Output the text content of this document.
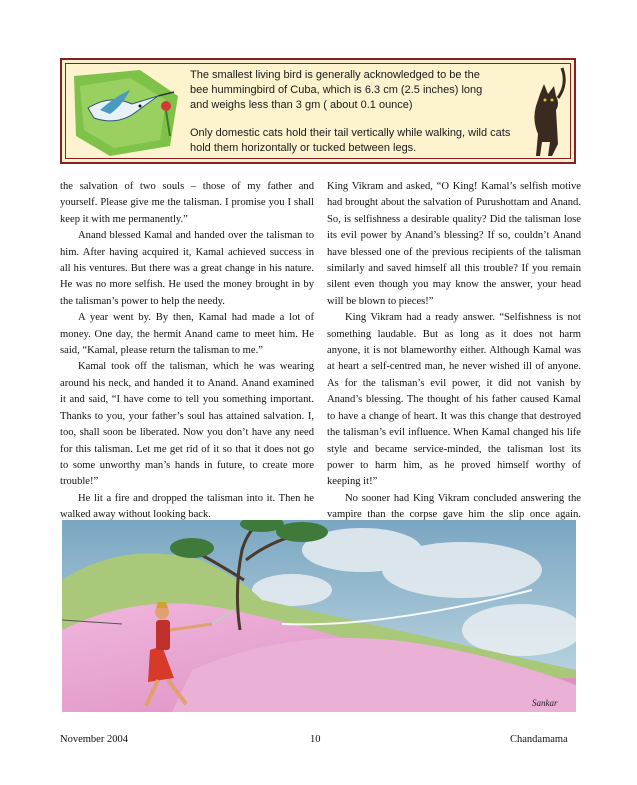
The smallest living bird is generally acknowledged to be the bee hummingbird of Cuba, which is 6.3 cm (2.5 inches) long and weighs less than 3 gm ( about 0.1 ounce)
Only domestic cats hold their tail vertically while walking, wild cats hold them horizontally or tucked between legs.

the salvation of two souls – those of my father and yourself. Please give me the talisman. I promise you I shall keep it with me permanently.”

Anand blessed Kamal and handed over the talisman to him. After having acquired it, Kamal achieved success in all his ventures. But there was a great change in his nature. He was no more selfish. He used the money brought in by the talisman’s power to help the needy.

A year went by. By then, Kamal had made a lot of money. One day, the hermit Anand came to meet him. He said, “Kamal, please return the talisman to me.”

Kamal took off the talisman, which he was wearing around his neck, and handed it to Anand. Anand examined it and said, “I have come to tell you something important. Thanks to you, your father’s soul has attained salvation. I, too, shall soon be liberated. Now you don’t have any need for this talisman. Let me get rid of it so that it does not go to some unworthy man’s hands in future, to create more trouble!”

He lit a fire and dropped the talisman into it. Then he walked away without looking back.

King Vikram and asked, “O King! Kamal’s selfish motive had brought about the salvation of Purushottam and Anand. So, is selfishness a desirable quality? Did the talisman lose its evil power by Anand’s blessing? If so, couldn’t Anand have blessed one of the previous recipients of the talisman similarly and saved himself all this trouble? If you remain silent even though you may know the answer, your head will be blown to pieces!”

King Vikram had a ready answer. “Selfishness is not something laudable. But as long as it does not harm anyone, it is not blameworthy either. Although Kamal was at heart a self-centred man, he never wished ill of anyone. As for the talisman’s evil power, it did not vanish by Anand’s blessing. The thought of his father caused Kamal to have a change of heart. It was this change that destroyed the talisman’s evil influence. When Kamal changed his life style and became service-minded, the talisman lost its power to harm him, as he proved himself worthy of keeping it!”

No sooner had King Vikram concluded answering the vampire than the corpse gave him the slip once again.

Sankar
November 2004	10	Chandamama
